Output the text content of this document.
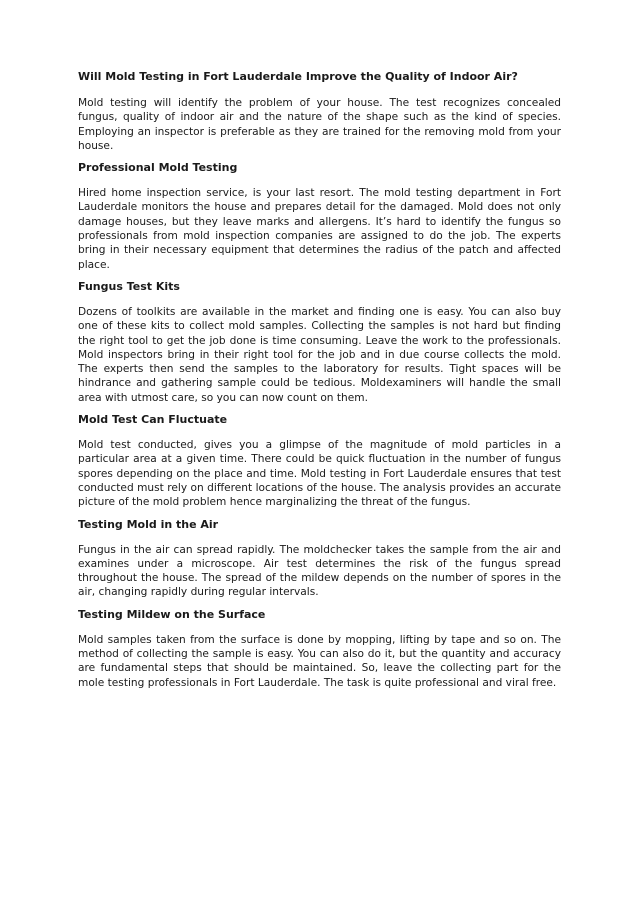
Will Mold Testing in Fort Lauderdale Improve the Quality of Indoor Air?

Mold testing will identify the problem of your house. The test recognizes concealed fungus, quality of indoor air and the nature of the shape such as the kind of species. Employing an inspector is preferable as they are trained for the removing mold from your house.

Professional Mold Testing

Hired home inspection service, is your last resort. The mold testing department in Fort Lauderdale monitors the house and prepares detail for the damaged. Mold does not only damage houses, but they leave marks and allergens. It’s hard to identify the fungus so professionals from mold inspection companies are assigned to do the job. The experts bring in their necessary equipment that determines the radius of the patch and affected place.

Fungus Test Kits

Dozens of toolkits are available in the market and finding one is easy. You can also buy one of these kits to collect mold samples. Collecting the samples is not hard but finding the right tool to get the job done is time consuming. Leave the work to the professionals. Mold inspectors bring in their right tool for the job and in due course collects the mold. The experts then send the samples to the laboratory for results. Tight spaces will be hindrance and gathering sample could be tedious. Moldexaminers will handle the small area with utmost care, so you can now count on them.

Mold Test Can Fluctuate

Mold test conducted, gives you a glimpse of the magnitude of mold particles in a particular area at a given time. There could be quick fluctuation in the number of fungus spores depending on the place and time. Mold testing in Fort Lauderdale ensures that test conducted must rely on different locations of the house. The analysis provides an accurate picture of the mold problem hence marginalizing the threat of the fungus.

Testing Mold in the Air

Fungus in the air can spread rapidly. The moldchecker takes the sample from the air and examines under a microscope. Air test determines the risk of the fungus spread throughout the house. The spread of the mildew depends on the number of spores in the air, changing rapidly during regular intervals.

Testing Mildew on the Surface

Mold samples taken from the surface is done by mopping, lifting by tape and so on. The method of collecting the sample is easy. You can also do it, but the quantity and accuracy are fundamental steps that should be maintained. So, leave the collecting part for the mole testing professionals in Fort Lauderdale. The task is quite professional and viral free.
